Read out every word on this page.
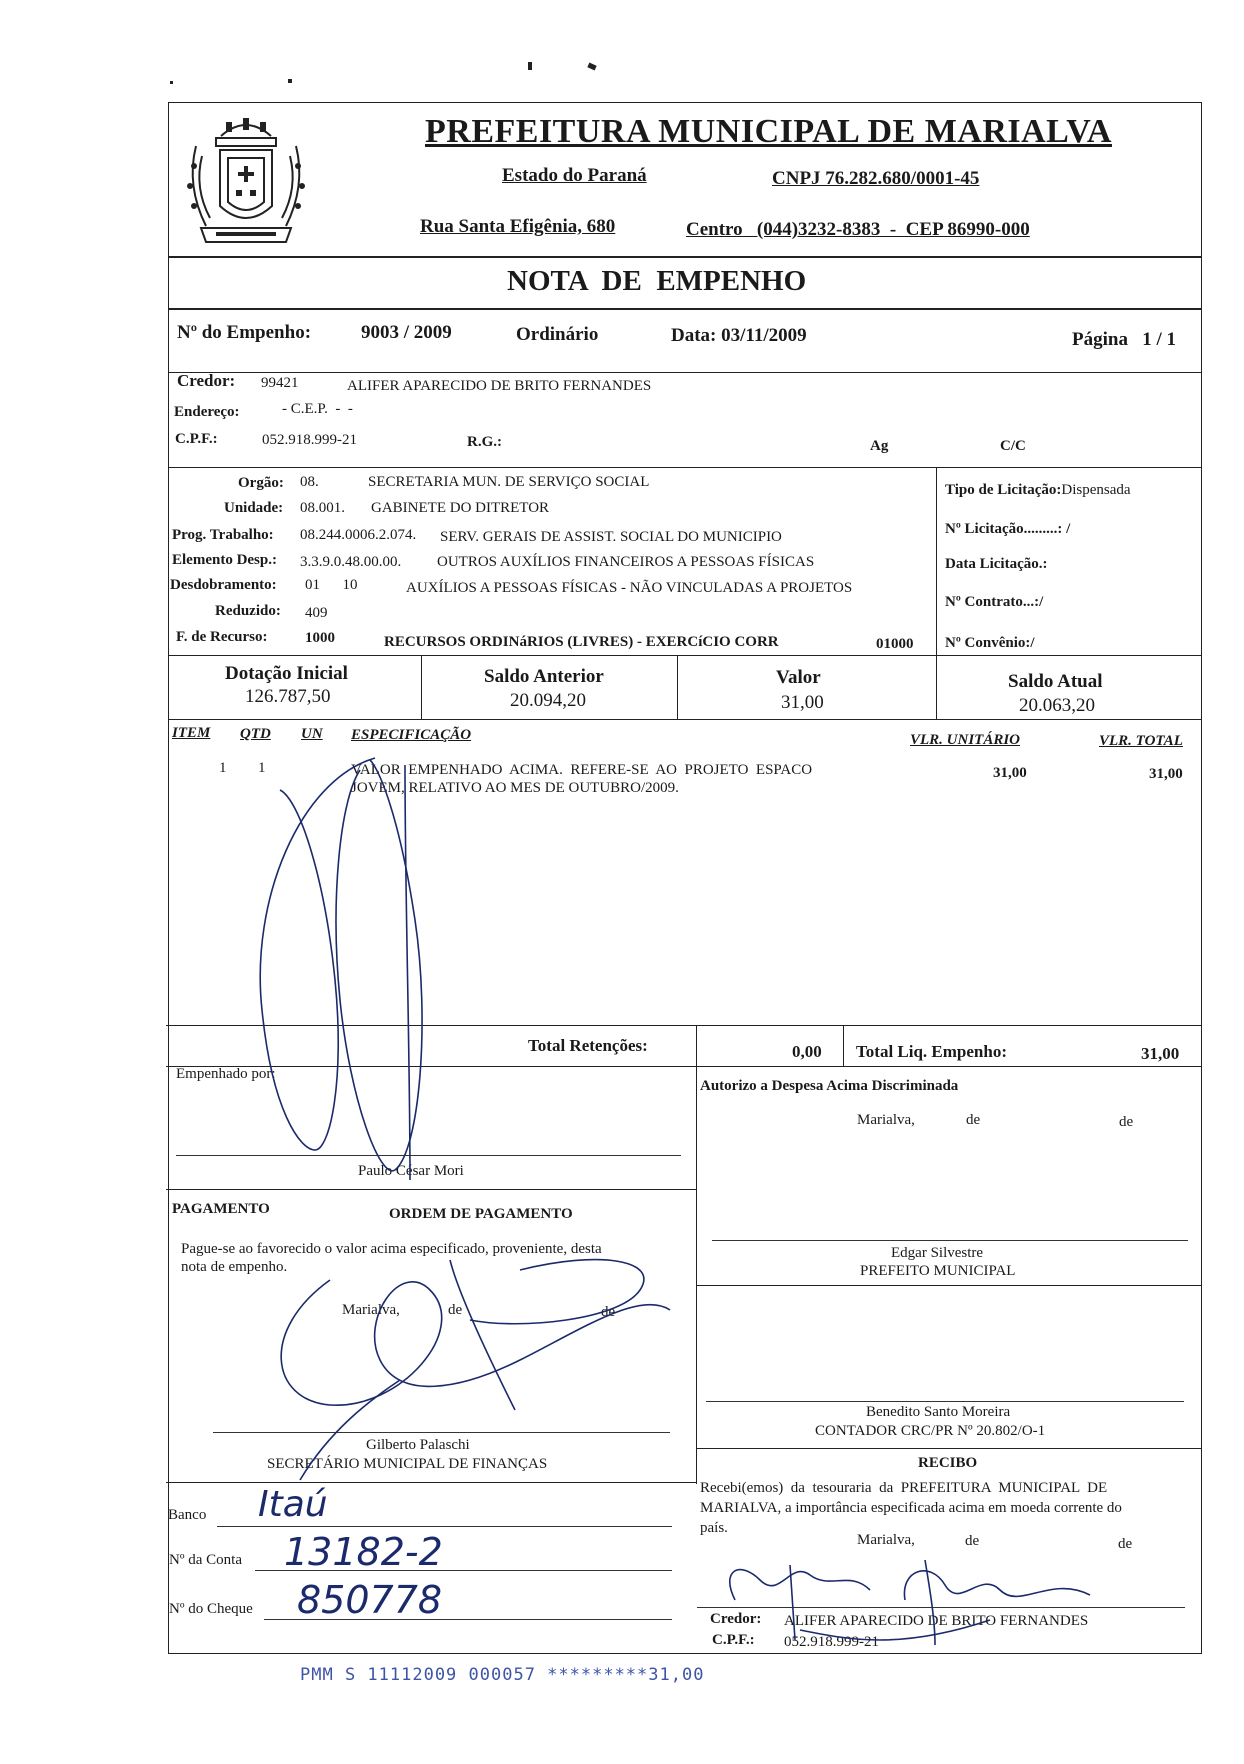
PREFEITURA MUNICIPAL DE MARIALVA
Estado do Paraná	CNPJ 76.282.680/0001-45
Rua Santa Efigênia, 680	Centro   (044)3232-8383  -  CEP 86990-000
NOTA  DE  EMPENHO
Nº do Empenho:	9003 / 2009	Ordinário	Data: 03/11/2009	Página   1 / 1
Credor: 99421	ALIFER APARECIDO DE BRITO FERNANDES
Endereço:	- C.E.P.  -  -
C.P.F.:	052.918.999-21	R.G.:	Ag	C/C
Orgão: 08.	SECRETARIA MUN. DE SERVIÇO SOCIAL
Unidade: 08.001. GABINETE DO DITRETOR
Prog. Trabalho: 08.244.0006.2.074. SERV. GERAIS DE ASSIST. SOCIAL DO MUNICIPIO
Elemento Desp.: 3.3.9.0.48.00.00. OUTROS AUXÍLIOS FINANCEIROS A PESSOAS FÍSICAS
Desdobramento: 01      10	AUXÍLIOS A PESSOAS FÍSICAS - NÃO VINCULADAS A PROJETOS
Reduzido: 409
F. de Recurso: 1000	RECURSOS ORDINáRIOS (LIVRES) - EXERCíCIO CORR	01000
Tipo de Licitação:Dispensada
Nº Licitação.........: /
Data Licitação.:
Nº Contrato...:/
Nº Convênio:/
Dotação Inicial
126.787,50
Saldo Anterior
20.094,20
Valor
31,00
Saldo Atual
20.063,20
ITEM QTD UN ESPECIFICAÇÃO	VLR. UNITÁRIO	VLR. TOTAL
1 1	VALOR  EMPENHADO  ACIMA.  REFERE-SE  AO  PROJETO  ESPACO
JOVEM, RELATIVO AO MES DE OUTUBRO/2009.
31,00	31,00
Total Retenções:	0,00 Total Liq. Empenho:	31,00
Empenhado por:
Paulo César Mori
Autorizo a Despesa Acima Discriminada
Marialva,	de	de
Edgar Silvestre
PREFEITO MUNICIPAL
PAGAMENTO	ORDEM DE PAGAMENTO
Pague-se ao favorecido o valor acima especificado, proveniente, desta
nota de empenho.
Marialva,	de	de
Gilberto Palaschi
SECRETÁRIO MUNICIPAL DE FINANÇAS
Benedito Santo Moreira
CONTADOR CRC/PR Nº 20.802/O-1
RECIBO
Recebi(emos)  da  tesouraria  da  PREFEITURA  MUNICIPAL  DE
MARIALVA, a importância especificada acima em moeda corrente do
país.
Marialva,	de	de
Credor: ALIFER APARECIDO DE BRITO FERNANDES
C.P.F.: 052.918.999-21
Banco Itaú
Nº da Conta 13182-2
Nº do Cheque 850778
PMM S 11112009 000057 *********31,00
